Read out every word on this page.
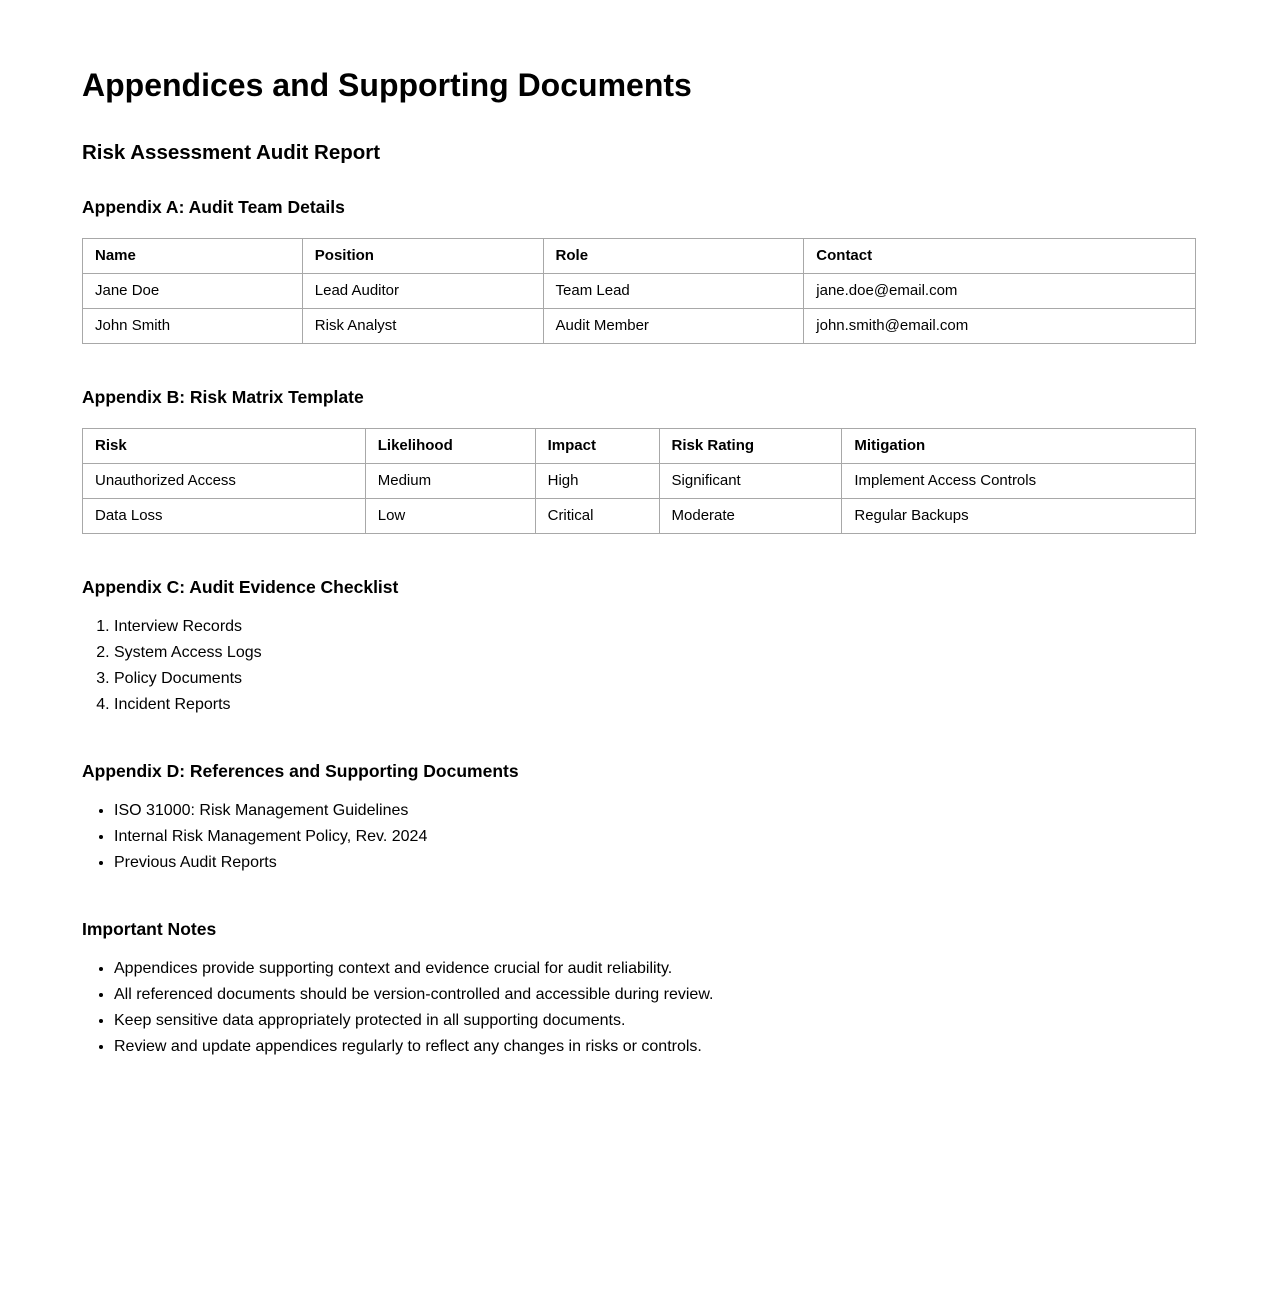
Appendices and Supporting Documents
Risk Assessment Audit Report
Appendix A: Audit Team Details
Name	Position	Role	Contact
Jane Doe	Lead Auditor	Team Lead	jane.doe@email.com
John Smith	Risk Analyst	Audit Member	john.smith@email.com
Appendix B: Risk Matrix Template
Risk	Likelihood	Impact	Risk Rating	Mitigation
Unauthorized Access	Medium	High	Significant	Implement Access Controls
Data Loss	Low	Critical	Moderate	Regular Backups
Appendix C: Audit Evidence Checklist
1. Interview Records
2. System Access Logs
3. Policy Documents
4. Incident Reports
Appendix D: References and Supporting Documents
• ISO 31000: Risk Management Guidelines
• Internal Risk Management Policy, Rev. 2024
• Previous Audit Reports
Important Notes
• Appendices provide supporting context and evidence crucial for audit reliability.
• All referenced documents should be version-controlled and accessible during review.
• Keep sensitive data appropriately protected in all supporting documents.
• Review and update appendices regularly to reflect any changes in risks or controls.
